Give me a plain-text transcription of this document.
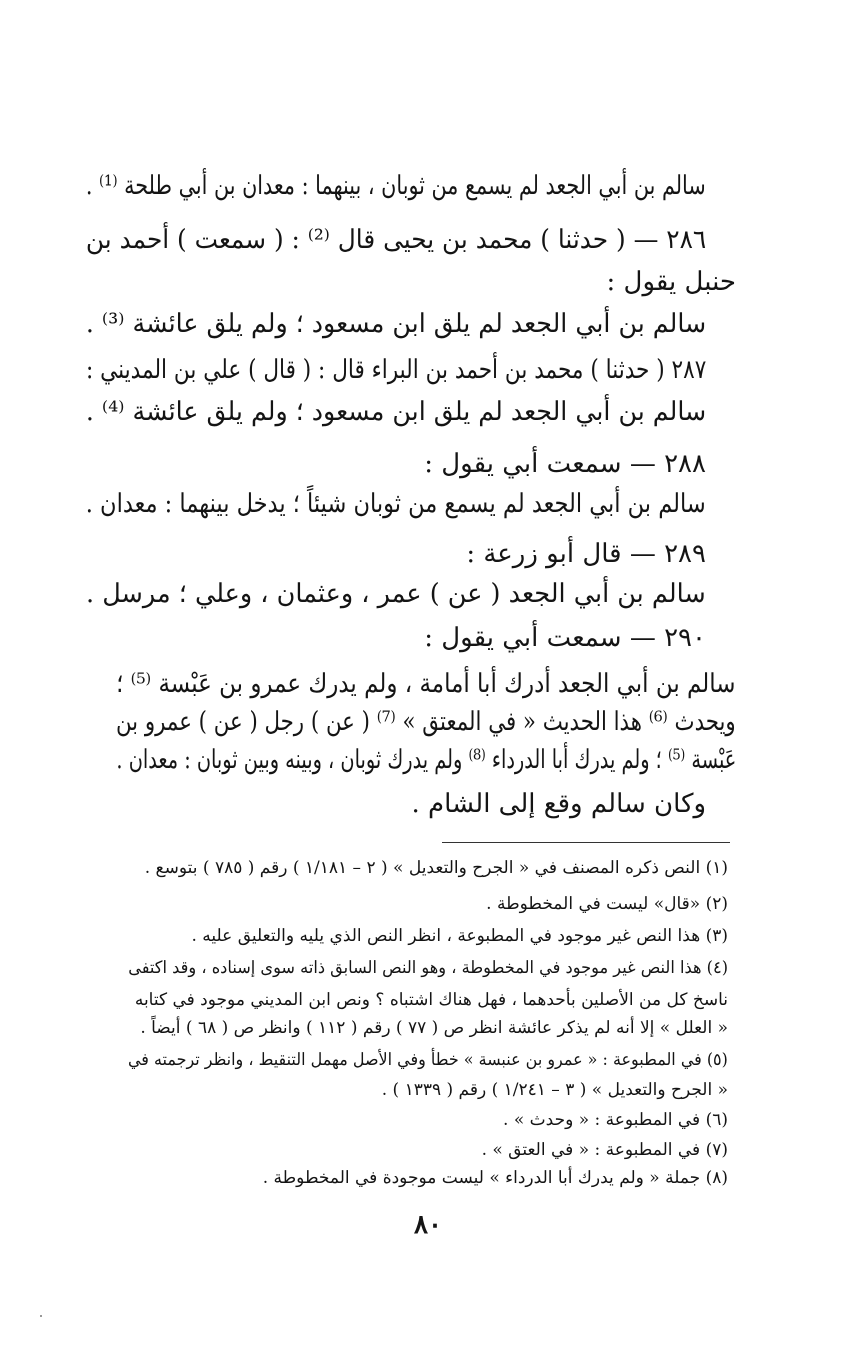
سالم بن أبي الجعد لم يسمع من ثوبان ، بينهما : معدان بن أبي طلحة ⁽¹⁾ .
٢٨٦ — ( حدثنا ) محمد بن يحيى قال ⁽²⁾ : ( سمعت ) أحمد بن
حنبل يقول :
سالم بن أبي الجعد لم يلق ابن مسعود ؛ ولم يلق عائشة ⁽³⁾ .
٢٨٧ ( حدثنا ) محمد بن أحمد بن البراء قال : ( قال ) علي بن المديني :
سالم بن أبي الجعد لم يلق ابن مسعود ؛ ولم يلق عائشة ⁽⁴⁾ .
٢٨٨ — سمعت أبي يقول :
سالم بن أبي الجعد لم يسمع من ثوبان شيئاً ؛ يدخل بينهما : معدان .
٢٨٩ — قال أبو زرعة :
سالم بن أبي الجعد ( عن ) عمر ، وعثمان ، وعلي ؛ مرسل .
٢٩٠ — سمعت أبي يقول :
سالم بن أبي الجعد أدرك أبا أمامة ، ولم يدرك عمرو بن عَبْسة ⁽⁵⁾ ؛
ويحدث ⁽⁶⁾ هذا الحديث « في المعتق » ⁽⁷⁾ ( عن ) رجل ( عن ) عمرو بن
عَبْسة ⁽⁵⁾ ؛ ولم يدرك أبا الدرداء ⁽⁸⁾ ولم يدرك ثوبان ، وبينه وبين ثوبان : معدان .
وكان سالم وقع إلى الشام .
(١) النص ذكره المصنف في « الجرح والتعديل » ( ٢ – ١/١٨١ ) رقم ( ٧٨٥ ) بتوسع .
(٢) «قال» ليست في المخطوطة .
(٣) هذا النص غير موجود في المطبوعة ، انظر النص الذي يليه والتعليق عليه .
(٤) هذا النص غير موجود في المخطوطة ، وهو النص السابق ذاته سوى إسناده ، وقد اكتفى
ناسخ كل من الأصلين بأحدهما ، فهل هناك اشتباه ؟ ونص ابن المديني موجود في كتابه
« العلل » إلا أنه لم يذكر عائشة انظر ص ( ٧٧ ) رقم ( ١١٢ ) وانظر ص ( ٦٨ ) أيضاً .
(٥) في المطبوعة : « عمرو بن عنبسة » خطأ وفي الأصل مهمل التنقيط ، وانظر ترجمته في
« الجرح والتعديل » ( ٣ – ١/٢٤١ ) رقم ( ١٣٣٩ ) .
(٦) في المطبوعة : « وحدث » .
(٧) في المطبوعة : « في العتق » .
(٨) جملة « ولم يدرك أبا الدرداء » ليست موجودة في المخطوطة .
٨٠
